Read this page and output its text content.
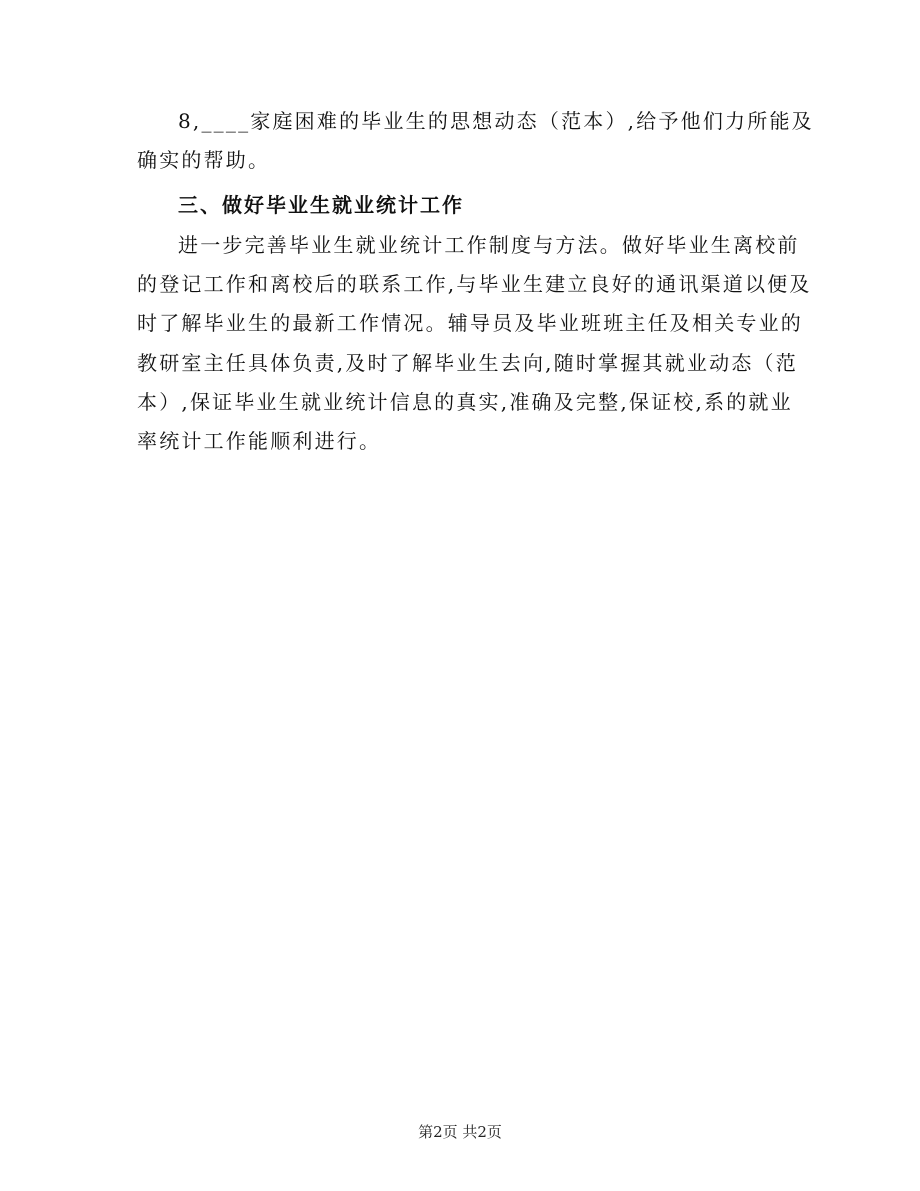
8,____家庭困难的毕业生的思想动态（范本）,给予他们力所能及
确实的帮助。
三、做好毕业生就业统计工作
进一步完善毕业生就业统计工作制度与方法。做好毕业生离校前
的登记工作和离校后的联系工作,与毕业生建立良好的通讯渠道以便及
时了解毕业生的最新工作情况。辅导员及毕业班班主任及相关专业的
教研室主任具体负责,及时了解毕业生去向,随时掌握其就业动态（范
本）,保证毕业生就业统计信息的真实,准确及完整,保证校,系的就业
率统计工作能顺利进行。
第2页 共2页
